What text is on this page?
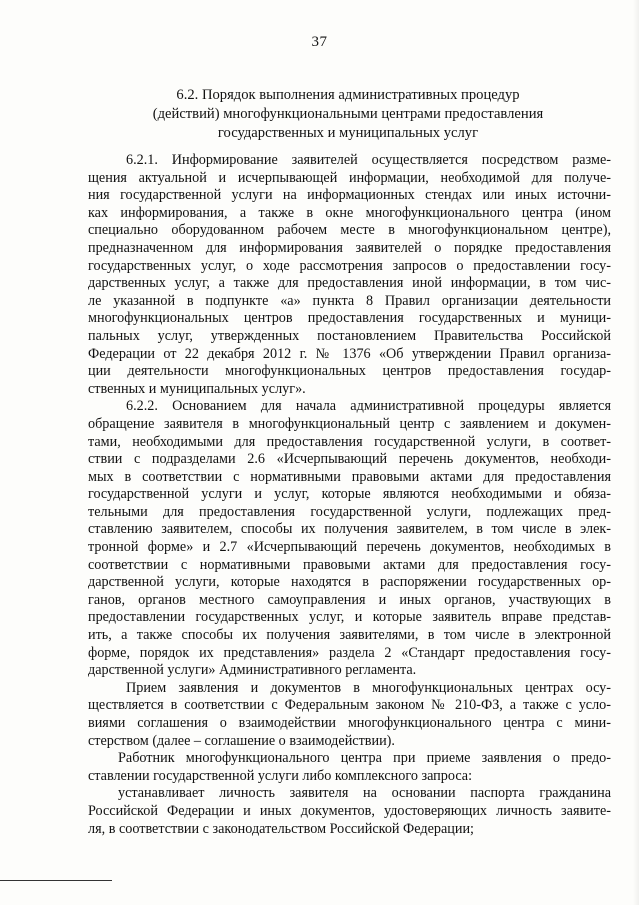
37
6.2. Порядок выполнения административных процедур
(действий) многофункциональными центрами предоставления
государственных и муниципальных услуг
6.2.1. Информирование заявителей осуществляется посредством разме-
щения актуальной и исчерпывающей информации, необходимой для получе-
ния государственной услуги на информационных стендах или иных источни-
ках информирования, а также в окне многофункционального центра (ином
специально оборудованном рабочем месте в многофункциональном центре),
предназначенном для информирования заявителей о порядке предоставления
государственных услуг, о ходе рассмотрения запросов о предоставлении госу-
дарственных услуг, а также для предоставления иной информации, в том чис-
ле указанной в подпункте «а» пункта 8 Правил организации деятельности
многофункциональных центров предоставления государственных и муници-
пальных услуг, утвержденных постановлением Правительства Российской
Федерации от 22 декабря 2012 г. № 1376 «Об утверждении Правил организа-
ции деятельности многофункциональных центров предоставления государ-
ственных и муниципальных услуг».
6.2.2. Основанием для начала административной процедуры является
обращение заявителя в многофункциональный центр с заявлением и докумен-
тами, необходимыми для предоставления государственной услуги, в соответ-
ствии с подразделами 2.6 «Исчерпывающий перечень документов, необходи-
мых в соответствии с нормативными правовыми актами для предоставления
государственной услуги и услуг, которые являются необходимыми и обяза-
тельными для предоставления государственной услуги, подлежащих пред-
ставлению заявителем, способы их получения заявителем, в том числе в элек-
тронной форме» и 2.7 «Исчерпывающий перечень документов, необходимых в
соответствии с нормативными правовыми актами для предоставления госу-
дарственной услуги, которые находятся в распоряжении государственных ор-
ганов, органов местного самоуправления и иных органов, участвующих в
предоставлении государственных услуг, и которые заявитель вправе представ-
ить, а также способы их получения заявителями, в том числе в электронной
форме, порядок их представления» раздела 2 «Стандарт предоставления госу-
дарственной услуги» Административного регламента.
Прием заявления и документов в многофункциональных центрах осу-
ществляется в соответствии с Федеральным законом № 210-ФЗ, а также с усло-
виями соглашения о взаимодействии многофункционального центра с мини-
стерством (далее – соглашение о взаимодействии).
Работник многофункционального центра при приеме заявления о предо-
ставлении государственной услуги либо комплексного запроса:
устанавливает личность заявителя на основании паспорта гражданина
Российской Федерации и иных документов, удостоверяющих личность заявите-
ля, в соответствии с законодательством Российской Федерации;
